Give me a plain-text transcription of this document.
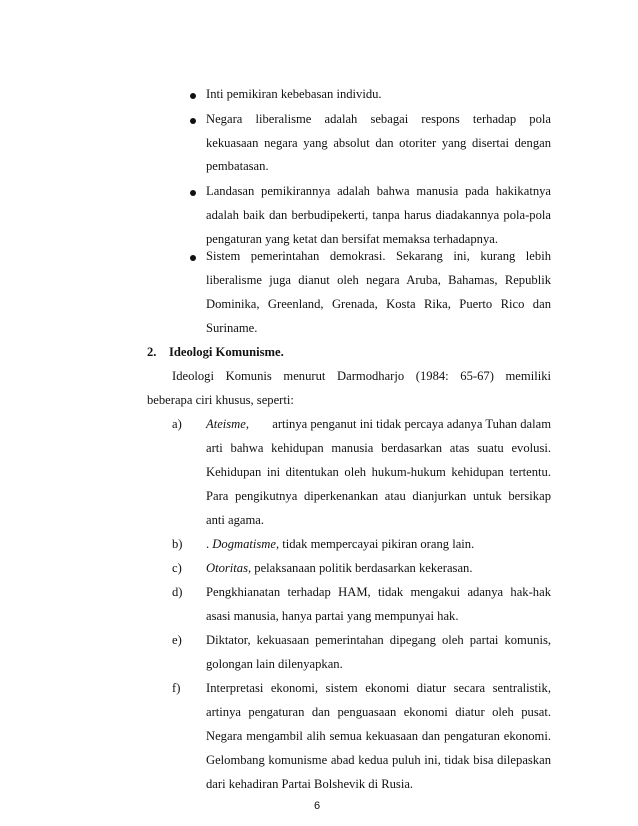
Inti pemikiran kebebasan individu.
Negara liberalisme adalah sebagai respons terhadap pola
kekuasaan negara yang absolut dan otoriter yang disertai dengan
pembatasan.
Landasan pemikirannya adalah bahwa manusia pada hakikatnya
adalah baik dan berbudipekerti, tanpa harus diadakannya pola-pola
pengaturan yang ketat dan bersifat memaksa terhadapnya.
Sistem pemerintahan demokrasi. Sekarang ini, kurang lebih
liberalisme juga dianut oleh negara Aruba, Bahamas, Republik
Dominika, Greenland, Grenada, Kosta Rika, Puerto Rico dan
Suriname.
2. Ideologi Komunisme.
Ideologi Komunis menurut Darmodharjo (1984: 65-67) memiliki
beberapa ciri khusus, seperti:
a) Ateisme, artinya penganut ini tidak percaya adanya Tuhan dalam
arti bahwa kehidupan manusia berdasarkan atas suatu evolusi.
Kehidupan ini ditentukan oleh hukum-hukum kehidupan tertentu.
Para pengikutnya diperkenankan atau dianjurkan untuk bersikap
anti agama.
b) . Dogmatisme, tidak mempercayai pikiran orang lain.
c) Otoritas, pelaksanaan politik berdasarkan kekerasan.
d) Pengkhianatan terhadap HAM, tidak mengakui adanya hak-hak
asasi manusia, hanya partai yang mempunyai hak.
e) Diktator, kekuasaan pemerintahan dipegang oleh partai komunis,
golongan lain dilenyapkan.
f) Interpretasi ekonomi, sistem ekonomi diatur secara sentralistik,
artinya pengaturan dan penguasaan ekonomi diatur oleh pusat.
Negara mengambil alih semua kekuasaan dan pengaturan ekonomi.
Gelombang komunisme abad kedua puluh ini, tidak bisa dilepaskan
dari kehadiran Partai Bolshevik di Rusia.
6
